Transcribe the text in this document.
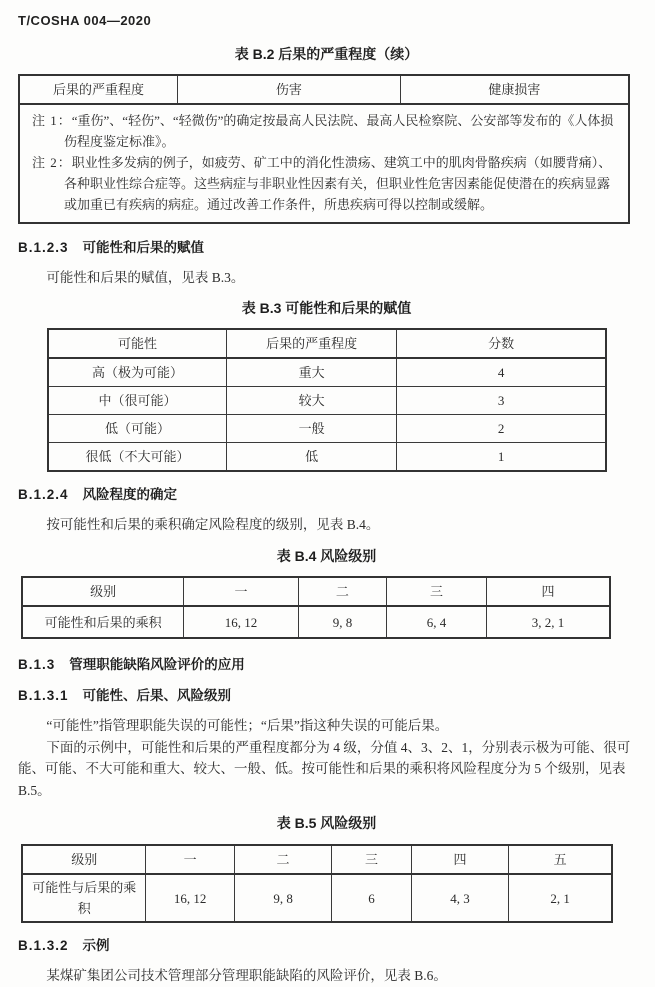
T/COSHA 004—2020
表 B.2 后果的严重程度（续）
后果的严重程度	伤害	健康损害

注 1：“重伤”、“轻伤”、“轻微伤”的确定按最高人民法院、最高人民检察院、公安部等发布的《人体损伤程度鉴定标准》。
注 2：职业性多发病的例子，如疲劳、矿工中的消化性溃疡、建筑工中的肌肉骨骼疾病（如腰背痛）、各种职业性综合症等。这些病症与非职业性因素有关，但职业性危害因素能促使潜在的疾病显露或加重已有疾病的病症。通过改善工作条件，所患疾病可得以控制或缓解。
B.1.2.3 可能性和后果的赋值

可能性和后果的赋值，见表 B.3。

表 B.3 可能性和后果的赋值
可能性	后果的严重程度	分数
高（极为可能）	重大	4
中（很可能）	较大	3
低（可能）	一般	2
很低（不大可能）	低	1
B.1.2.4 风险程度的确定

按可能性和后果的乘积确定风险程度的级别，见表 B.4。

表 B.4 风险级别
级别	一	二	三	四
可能性和后果的乘积	16, 12	9, 8	6, 4	3, 2, 1
B.1.3 管理职能缺陷风险评价的应用
B.1.3.1 可能性、后果、风险级别

“可能性”指管理职能失误的可能性；“后果”指这种失误的可能后果。

下面的示例中，可能性和后果的严重程度都分为 4 级，分值 4、3、2、1，分别表示极为可能、很可能、可能、不大可能和重大、较大、一般、低。按可能性和后果的乘积将风险程度分为 5 个级别，见表 B.5。

表 B.5 风险级别
级别	一	二	三	四	五
可能性与后果的乘积	16, 12	9, 8	6	4, 3	2, 1
B.1.3.2 示例

某煤矿集团公司技术管理部分管理职能缺陷的风险评价，见表 B.6。
